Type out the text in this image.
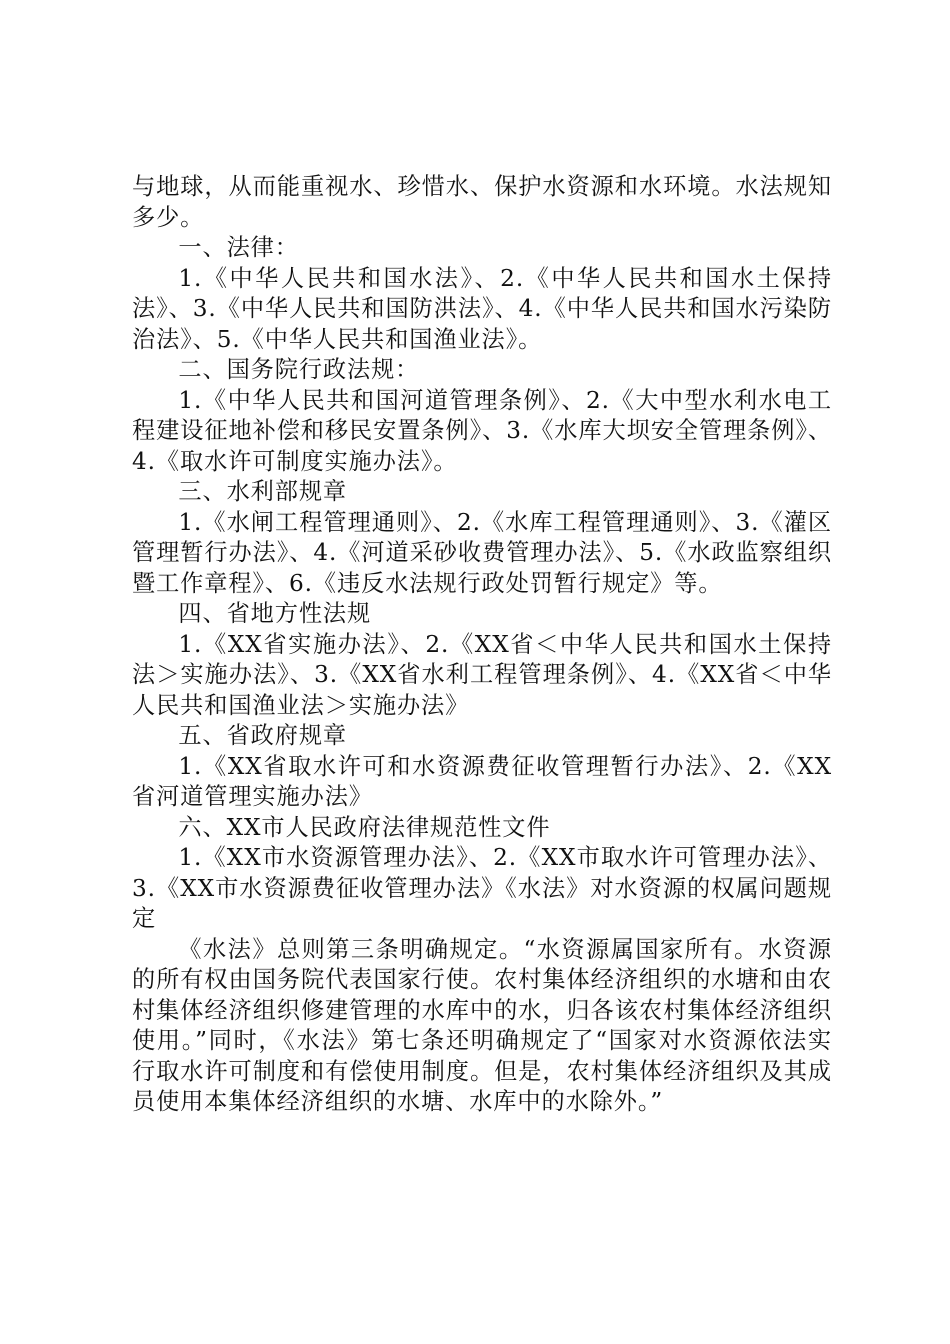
与地球，从而能重视水、珍惜水、保护水资源和水环境。水法规知多少。

一、法律：

1.《中华人民共和国水法》、2.《中华人民共和国水土保持法》、3.《中华人民共和国防洪法》、4.《中华人民共和国水污染防治法》、5.《中华人民共和国渔业法》。

二、国务院行政法规：

1.《中华人民共和国河道管理条例》、2.《大中型水利水电工程建设征地补偿和移民安置条例》、3.《水库大坝安全管理条例》、4.《取水许可制度实施办法》。

三、水利部规章

1.《水闸工程管理通则》、2.《水库工程管理通则》、3.《灌区管理暂行办法》、4.《河道采砂收费管理办法》、5.《水政监察组织暨工作章程》、6.《违反水法规行政处罚暂行规定》等。

四、省地方性法规

1.《XX省实施办法》、2.《XX省＜中华人民共和国水土保持法＞实施办法》、3.《XX省水利工程管理条例》、4.《XX省＜中华人民共和国渔业法＞实施办法》

五、省政府规章

1.《XX省取水许可和水资源费征收管理暂行办法》、2.《XX省河道管理实施办法》

六、XX市人民政府法律规范性文件

1.《XX市水资源管理办法》、2.《XX市取水许可管理办法》、3.《XX市水资源费征收管理办法》《水法》对水资源的权属问题规定

《水法》总则第三条明确规定。“水资源属国家所有。水资源的所有权由国务院代表国家行使。农村集体经济组织的水塘和由农村集体经济组织修建管理的水库中的水，归各该农村集体经济组织使用。”同时，《水法》第七条还明确规定了“国家对水资源依法实行取水许可制度和有偿使用制度。但是，农村集体经济组织及其成员使用本集体经济组织的水塘、水库中的水除外。”
